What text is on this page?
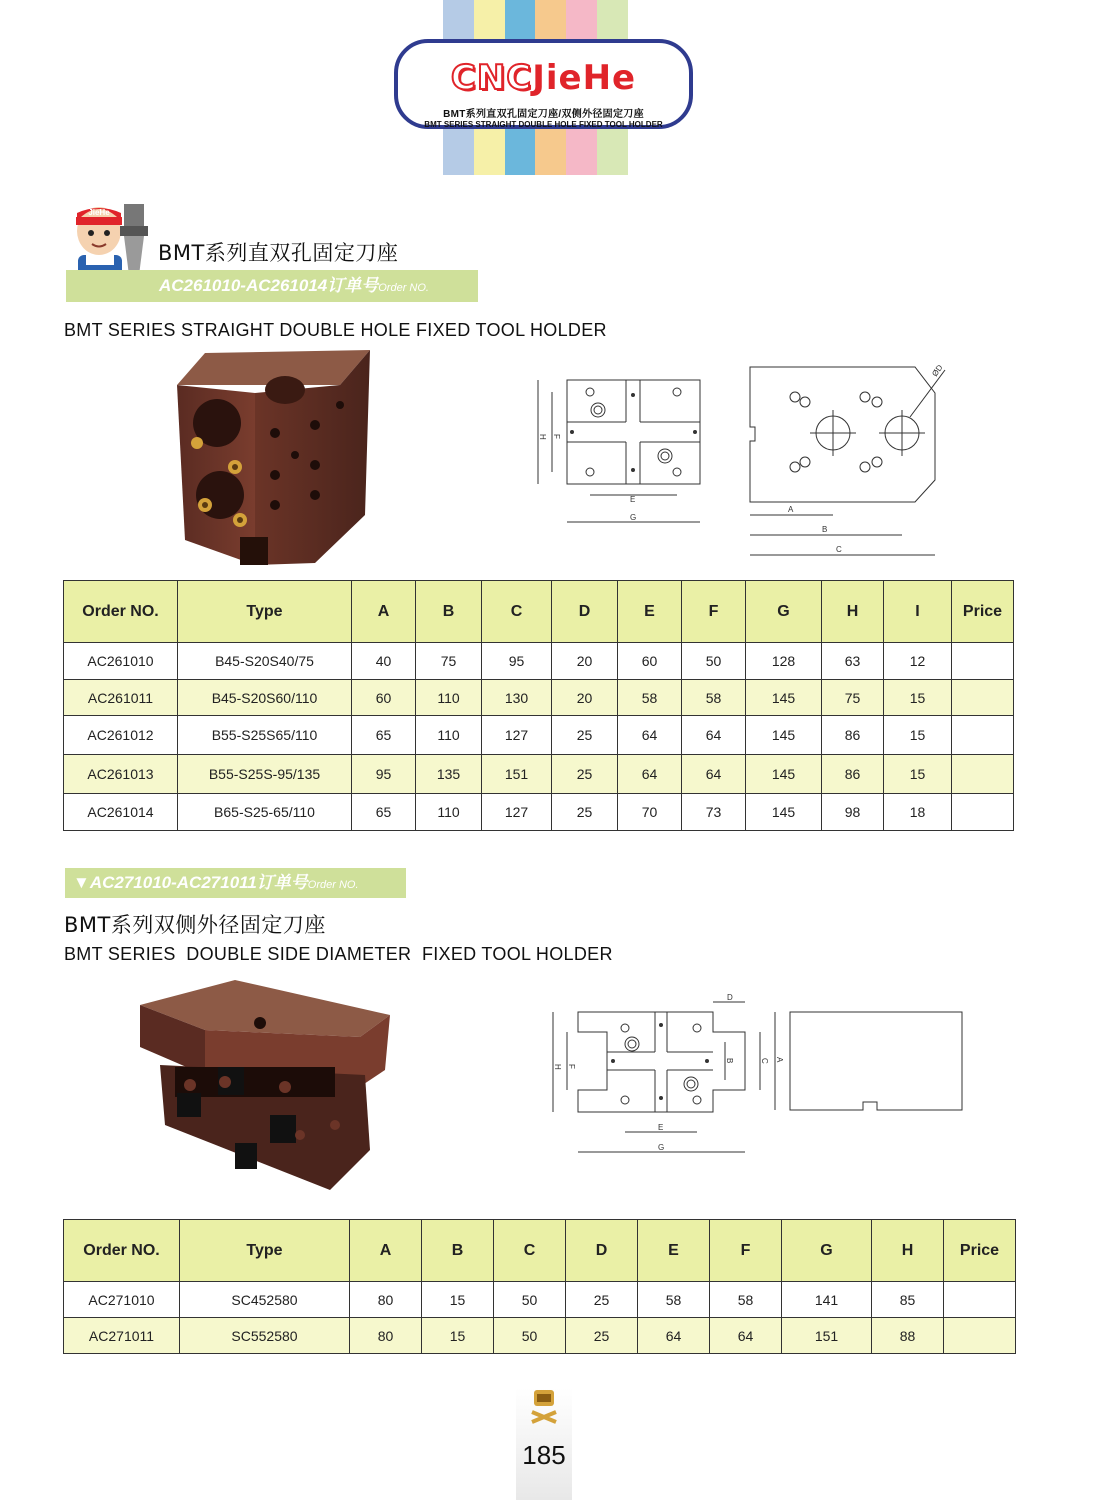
CNCJieHe
BMT系列直双孔固定刀座/双侧外径固定刀座
BMT SERIES STRAIGHT DOUBLE HOLE FIXED TOOL HOLDER
JieHe
BMT系列直双孔固定刀座
AC261010-AC261014订单号Order NO.
BMT SERIES STRAIGHT DOUBLE HOLE FIXED TOOL HOLDER
H F
E
G
A
B
C
ØD
Order NO.	Type	A	B	C	D	E	F	G	H	I	Price
AC261010	B45-S20S40/75	40	75	95	20	60	50	128	63	12	
AC261011	B45-S20S60/110	60	110	130	20	58	58	145	75	15	
AC261012	B55-S25S65/110	65	110	127	25	64	64	145	86	15	
AC261013	B55-S25S-95/135	95	135	151	25	64	64	145	86	15	
AC261014	B65-S25-65/110	65	110	127	25	70	73	145	98	18	
▼AC271010-AC271011订单号Order NO.
BMT系列双侧外径固定刀座
BMT SERIES  DOUBLE SIDE DIAMETER  FIXED TOOL HOLDER
H F
E
G
D
B	C A
Order NO.	Type	A	B	C	D	E	F	G	H	Price
AC271010	SC452580	80	15	50	25	58	58	141	85	
AC271011	SC552580	80	15	50	25	64	64	151	88	
185
